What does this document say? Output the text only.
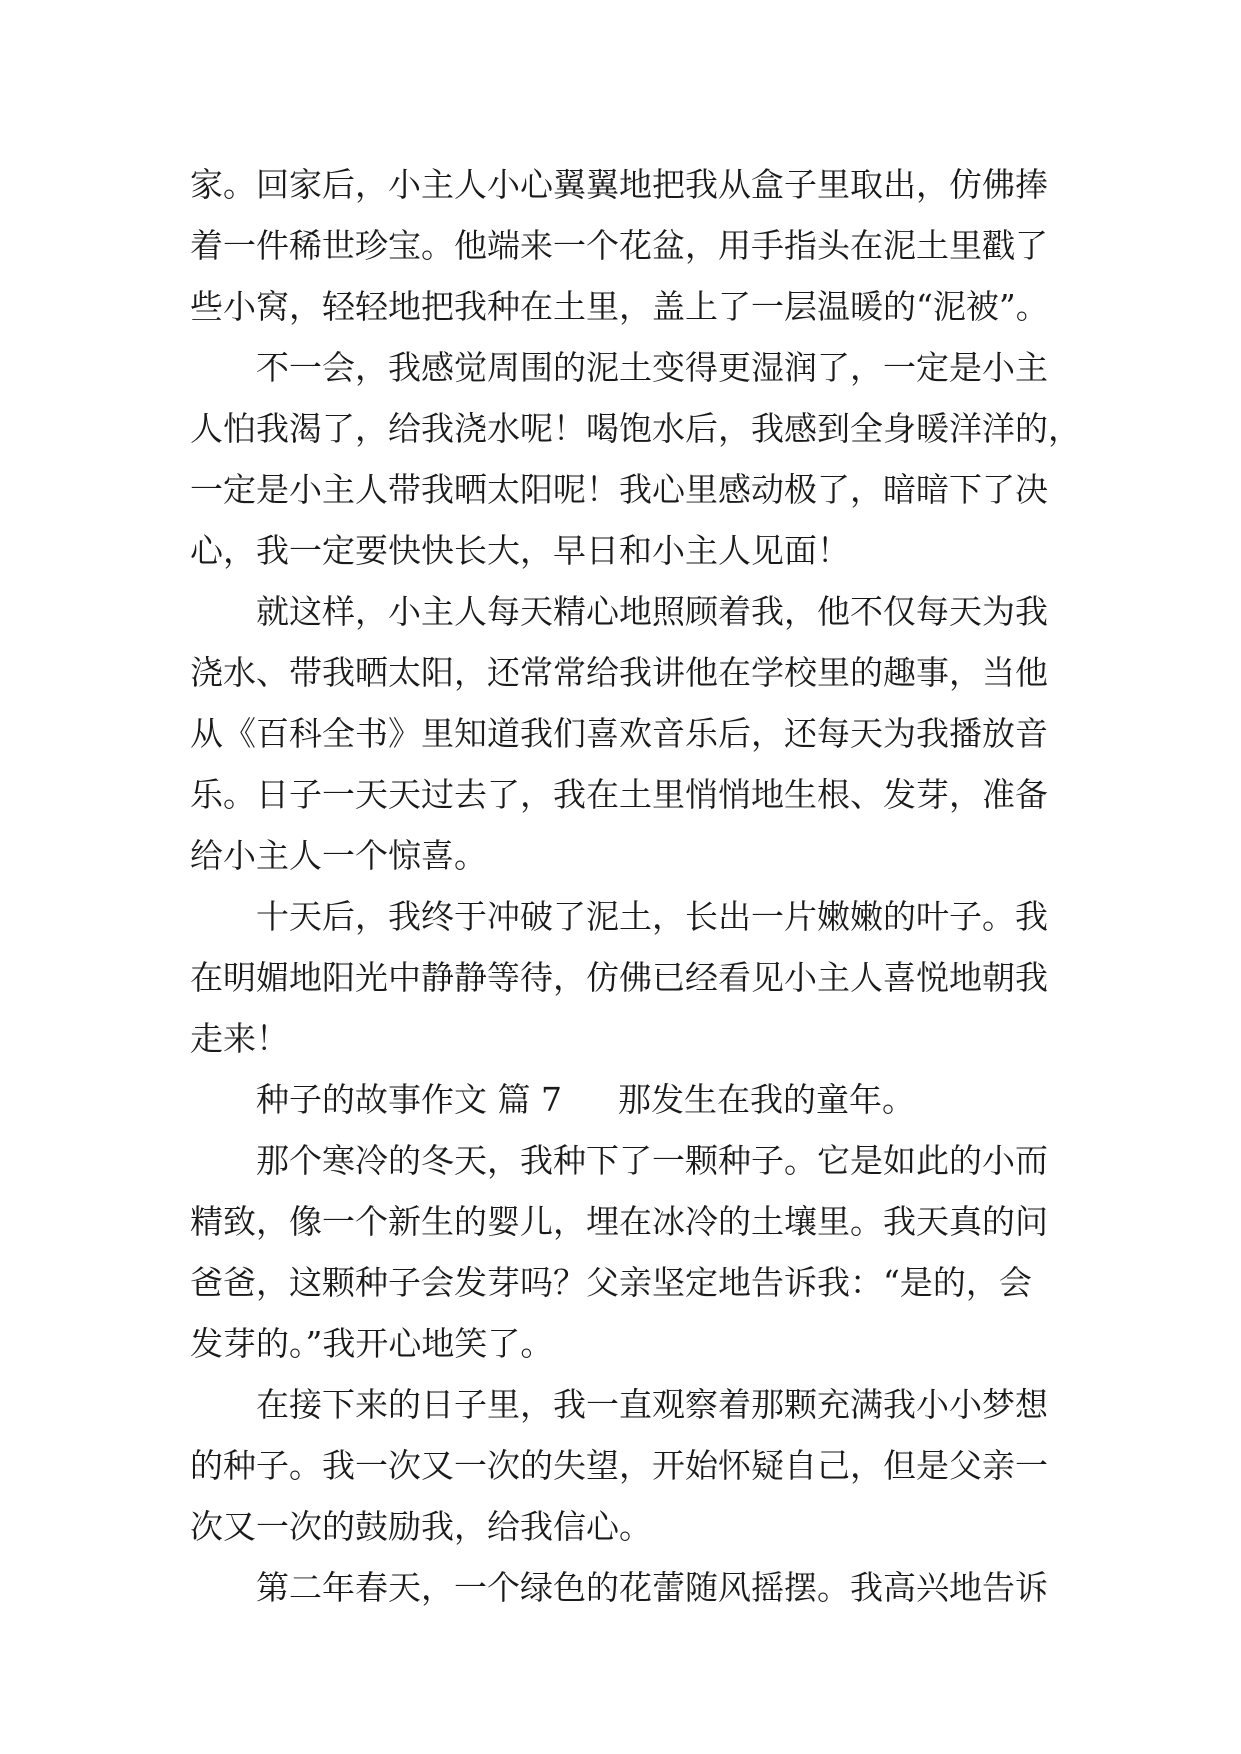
家。回家后，小主人小心翼翼地把我从盒子里取出，仿佛捧
着一件稀世珍宝。他端来一个花盆，用手指头在泥土里戳了
些小窝，轻轻地把我种在土里，盖上了一层温暖的“泥被”。
不一会，我感觉周围的泥土变得更湿润了，一定是小主
人怕我渴了，给我浇水呢！喝饱水后，我感到全身暖洋洋的，
一定是小主人带我晒太阳呢！我心里感动极了，暗暗下了决
心，我一定要快快长大，早日和小主人见面！
就这样，小主人每天精心地照顾着我，他不仅每天为我
浇水、带我晒太阳，还常常给我讲他在学校里的趣事，当他
从《百科全书》里知道我们喜欢音乐后，还每天为我播放音
乐。日子一天天过去了，我在土里悄悄地生根、发芽，准备
给小主人一个惊喜。
十天后，我终于冲破了泥土，长出一片嫩嫩的叶子。我
在明媚地阳光中静静等待，仿佛已经看见小主人喜悦地朝我
走来！
种子的故事作文 篇 7 那发生在我的童年。
那个寒冷的冬天，我种下了一颗种子。它是如此的小而
精致，像一个新生的婴儿，埋在冰冷的土壤里。我天真的问
爸爸，这颗种子会发芽吗？父亲坚定地告诉我：“是的，会
发芽的。”我开心地笑了。
在接下来的日子里，我一直观察着那颗充满我小小梦想
的种子。我一次又一次的失望，开始怀疑自己，但是父亲一
次又一次的鼓励我，给我信心。
第二年春天，一个绿色的花蕾随风摇摆。我高兴地告诉
